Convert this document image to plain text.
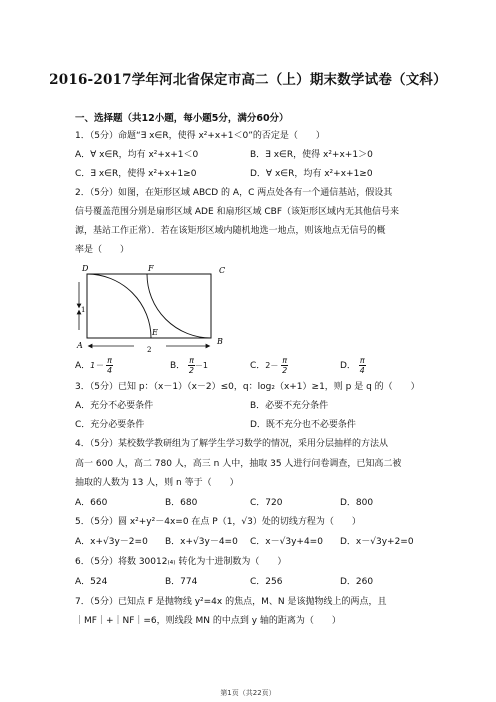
2016-2017学年河北省保定市高二（上）期末数学试卷（文科）
一、选择题（共12小题，每小题5分，满分60分）
1．（5分）命题“∃ x∈R，使得 x²+x+1＜0”的否定是（　　）
A．∀ x∈R，均有 x²+x+1＜0	B．∃ x∈R，使得 x²+x+1＞0
C．∃ x∈R，使得 x²+x+1≥0	D．∀ x∈R，均有 x²+x+1≥0
2．（5分）如图，在矩形区域 ABCD 的 A，C 两点处各有一个通信基站，假设其
信号覆盖范围分别是扇形区域 ADE 和扇形区域 CBF（该矩形区域内无其他信号来
源，基站工作正常）．若在该矩形区域内随机地选一地点，则该地点无信号的概
率是（　　）
D	F	C
A
E
B
1
2
A．$1- \frac{\pi}{4}$	B． $\frac{\pi}{2} -1$	C．$2- \frac{\pi}{2}$	D． $\frac{\pi}{4}$
3．（5分）已知 p：（x－1）（x－2）≤0，q：log₂（x+1）≥1，则 p 是 q 的（　　）
A．充分不必要条件	B．必要不充分条件
C．充分必要条件	D．既不充分也不必要条件
4．（5分）某校数学教研组为了解学生学习数学的情况，采用分层抽样的方法从
高一 600 人，高二 780 人，高三 n 人中，抽取 35 人进行问卷调查，已知高二被
抽取的人数为 13 人，则 n 等于（　　）
A．660	B．680	C．720	D．800
5．（5分）圆 x²+y²－4x=0 在点 P（1，√3）处的切线方程为（　　）
A．x+√3y－2=0 B．x+√3y－4=0 C．x－√3y+4=0 D．x－√3y+2=0
6．（5分）将数 30012₍₄₎ 转化为十进制数为（　　）
A．524	B．774	C．256	D．260
7．（5分）已知点 F 是抛物线 y²=4x 的焦点，M、N 是该抛物线上的两点，且
｜MF｜+｜NF｜=6，则线段 MN 的中点到 y 轴的距离为（　　）
第1页（共22页）
